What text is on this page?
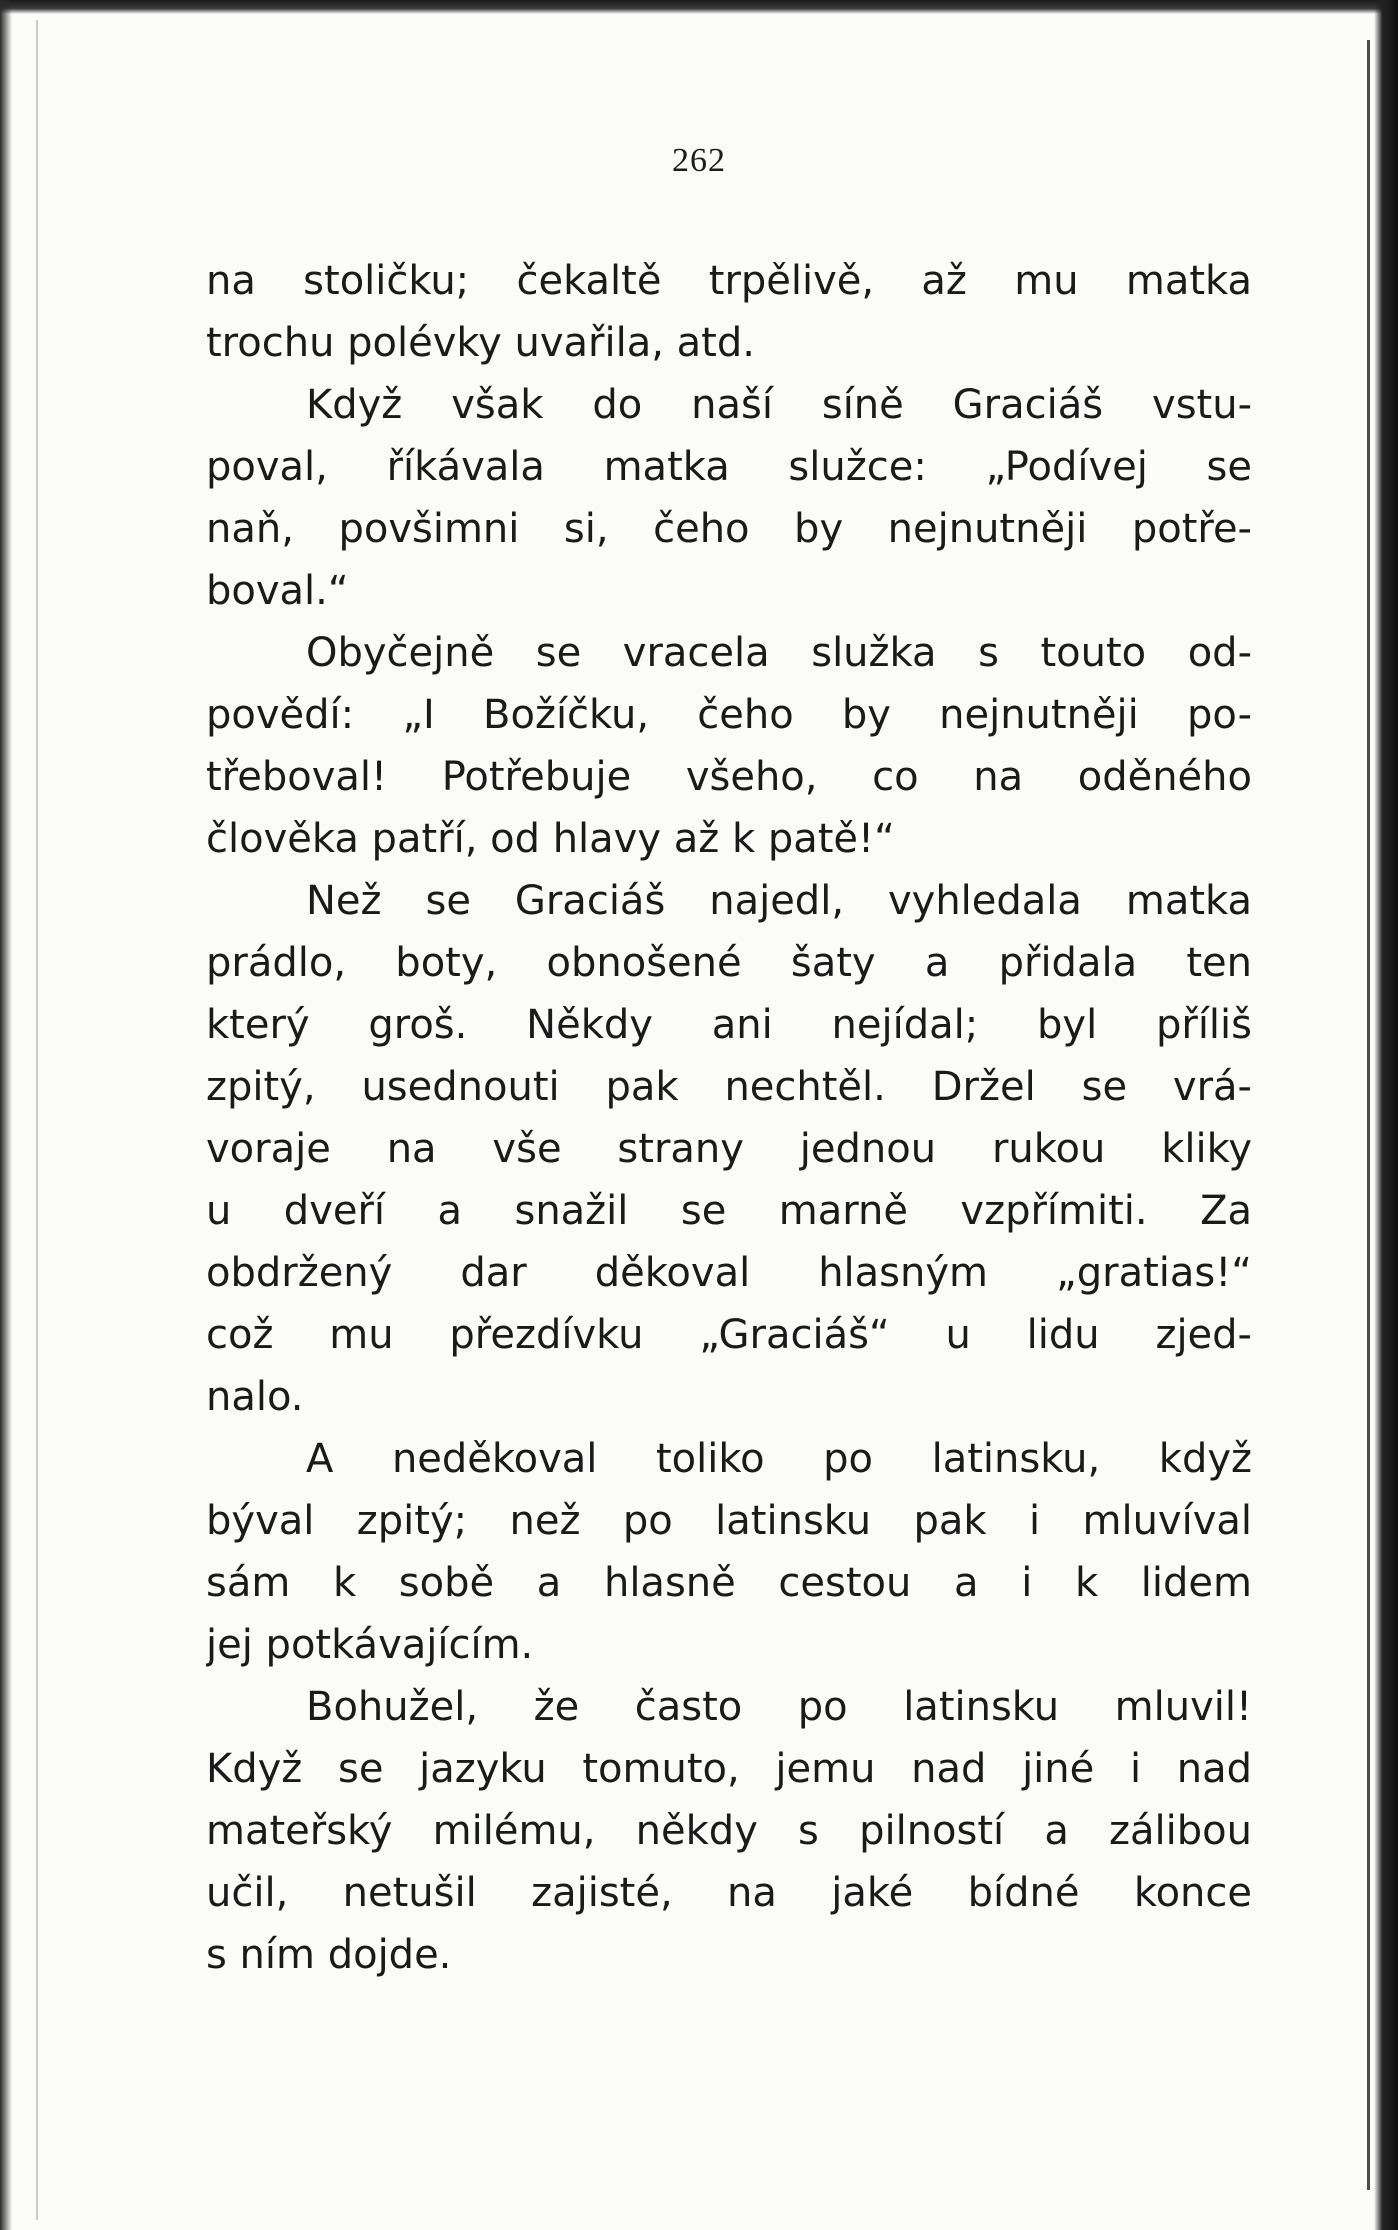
262
na stoličku; čekaltě trpělivě, až mu matka
trochu polévky uvařila, atd.
Když však do naší síně Graciáš vstu-
poval, říkávala matka služce: „Podívej se
naň, povšimni si, čeho by nejnutněji potře-
boval.“
Obyčejně se vracela služka s touto od-
povědí: „I Božíčku, čeho by nejnutněji po-
třeboval! Potřebuje všeho, co na oděného
člověka patří, od hlavy až k patě!“
Než se Graciáš najedl, vyhledala matka
prádlo, boty, obnošené šaty a přidala ten
který groš. Někdy ani nejídal; byl příliš
zpitý, usednouti pak nechtěl. Držel se vrá-
voraje na vše strany jednou rukou kliky
u dveří a snažil se marně vzpřímiti. Za
obdržený dar děkoval hlasným „gratias!“
což mu přezdívku „Graciáš“ u lidu zjed-
nalo.
A neděkoval toliko po latinsku, když
býval zpitý; než po latinsku pak i mluvíval
sám k sobě a hlasně cestou a i k lidem
jej potkávajícím.
Bohužel, že často po latinsku mluvil!
Když se jazyku tomuto, jemu nad jiné i nad
mateřský milému, někdy s pilností a zálibou
učil, netušil zajisté, na jaké bídné konce
s ním dojde.
